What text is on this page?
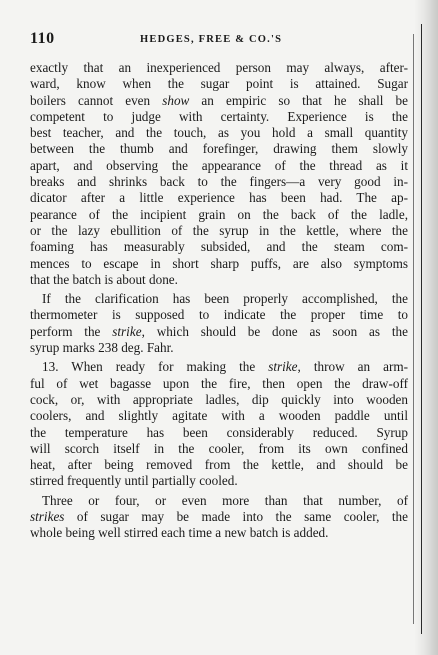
110	HEDGES, FREE & CO.'S

exactly that an inexperienced person may always, after-
ward, know when the sugar point is attained. Sugar
boilers cannot even show an empiric so that he shall be
competent to judge with certainty. Experience is the
best teacher, and the touch, as you hold a small quantity
between the thumb and forefinger, drawing them slowly
apart, and observing the appearance of the thread as it
breaks and shrinks back to the fingers—a very good in-
dicator after a little experience has been had. The ap-
pearance of the incipient grain on the back of the ladle,
or the lazy ebullition of the syrup in the kettle, where the
foaming has measurably subsided, and the steam com-
mences to escape in short sharp puffs, are also symptoms
that the batch is about done.

If the clarification has been properly accomplished, the
thermometer is supposed to indicate the proper time to
perform the strike, which should be done as soon as the
syrup marks 238 deg. Fahr.

13. When ready for making the strike, throw an arm-
ful of wet bagasse upon the fire, then open the draw-off
cock, or, with appropriate ladles, dip quickly into wooden
coolers, and slightly agitate with a wooden paddle until
the temperature has been considerably reduced. Syrup
will scorch itself in the cooler, from its own confined
heat, after being removed from the kettle, and should be
stirred frequently until partially cooled.

Three or four, or even more than that number, of
strikes of sugar may be made into the same cooler, the
whole being well stirred each time a new batch is added.
